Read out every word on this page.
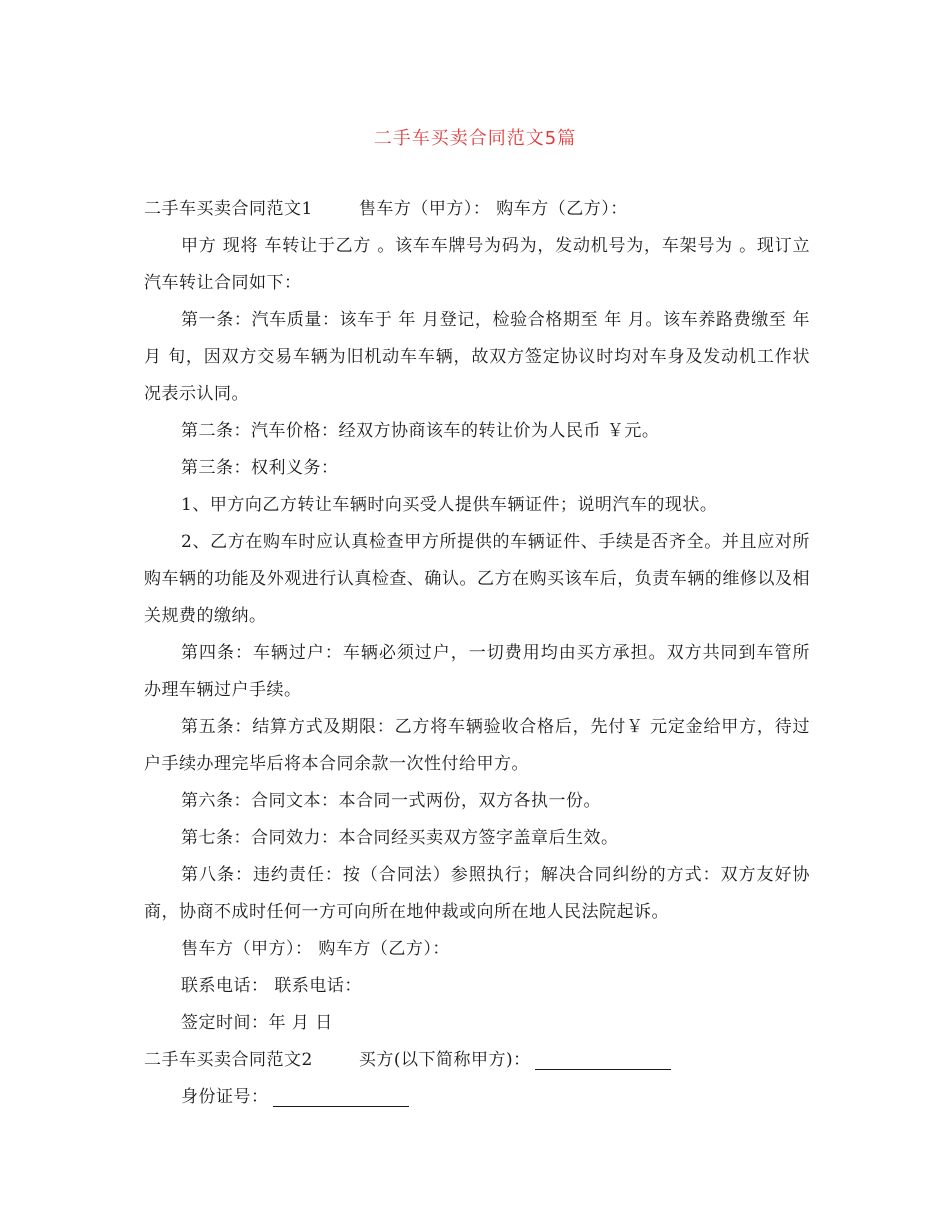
二手车买卖合同范文5篇

二手车买卖合同范文1	售车方（甲方）： 购车方（乙方）：

甲方 现将 车转让于乙方 。该车车牌号为码为，发动机号为，车架号为 。现订立汽车转让合同如下：

第一条：汽车质量：该车于 年 月登记，检验合格期至 年 月。该车养路费缴至 年 月 旬，因双方交易车辆为旧机动车车辆，故双方签定协议时均对车身及发动机工作状况表示认同。

第二条：汽车价格：经双方协商该车的转让价为人民币 ￥元。

第三条：权利义务：

1、甲方向乙方转让车辆时向买受人提供车辆证件；说明汽车的现状。

2、乙方在购车时应认真检查甲方所提供的车辆证件、手续是否齐全。并且应对所购车辆的功能及外观进行认真检查、确认。乙方在购买该车后，负责车辆的维修以及相关规费的缴纳。

第四条：车辆过户：车辆必须过户，一切费用均由买方承担。双方共同到车管所办理车辆过户手续。

第五条：结算方式及期限：乙方将车辆验收合格后，先付￥ 元定金给甲方，待过户手续办理完毕后将本合同余款一次性付给甲方。

第六条：合同文本：本合同一式两份，双方各执一份。

第七条：合同效力：本合同经买卖双方签字盖章后生效。

第八条：违约责任：按（合同法）参照执行；解决合同纠纷的方式：双方友好协商，协商不成时任何一方可向所在地仲裁或向所在地人民法院起诉。

售车方（甲方）： 购车方（乙方）：

联系电话： 联系电话：

签定时间：年 月 日

二手车买卖合同范文2	买方(以下简称甲方)：

身份证号：
